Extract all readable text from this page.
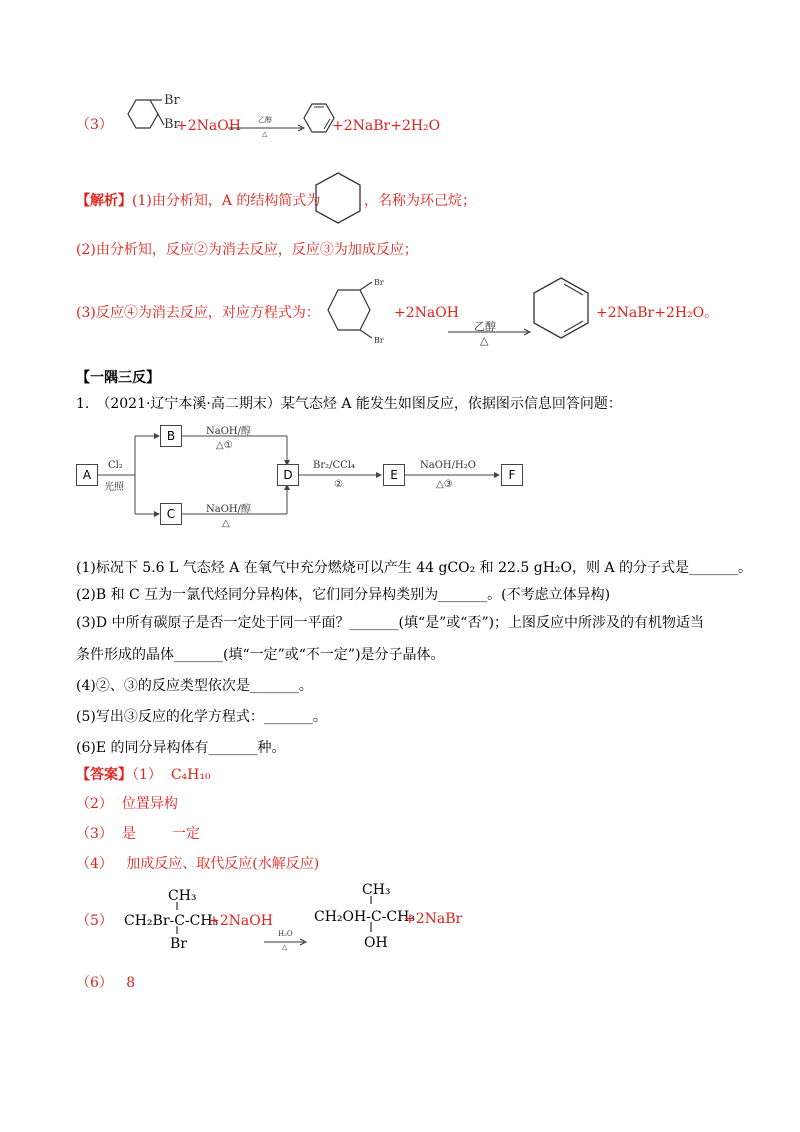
（3）
Br
Br
+2NaOH 乙醇
△	+2NaBr+2H₂O
【解析】(1)由分析知，A 的结构简式为	，名称为环己烷；
(2)由分析知，反应②为消去反应，反应③为加成反应；
(3)反应④为消去反应，对应方程式为：
Br
Br
+2NaOH
乙醇
△
+2NaBr+2H₂O。
【一隅三反】
1.　（2021·辽宁本溪·高二期末）某气态烃 A 能发生如图反应，依据图示信息回答问题：
A
B
C
D	E	F
Cl₂
光照
NaOH/醇
△①
NaOH/醇
△
Br₂/CCl₄
②
NaOH/H₂O
△③
(1)标况下 5.6 L 气态烃 A 在氧气中充分燃烧可以产生 44 gCO₂ 和 22.5 gH₂O，则 A 的分子式是_______。
(2)B 和 C 互为一氯代烃同分异构体，它们同分异构类别为_______。(不考虑立体异构)
(3)D 中所有碳原子是否一定处于同一平面？_______(填“是”或“否”)；上图反应中所涉及的有机物适当
条件形成的晶体_______(填“一定”或“不一定”)是分子晶体。
(4)②、③的反应类型依次是_______。
(5)写出③反应的化学方程式：_______。
(6)E 的同分异构体有_______种。
【答案】（1） C₄H₁₀
（2） 位置异构
（3） 是	一定
（4） 加成反应、取代反应(水解反应)
（5）
CH₃
CH₂Br-C-CH₃
Br
+2NaOH
H₂O
△
CH₃
CH₂OH-C-CH₃
OH
+2NaBr
（6） 8
